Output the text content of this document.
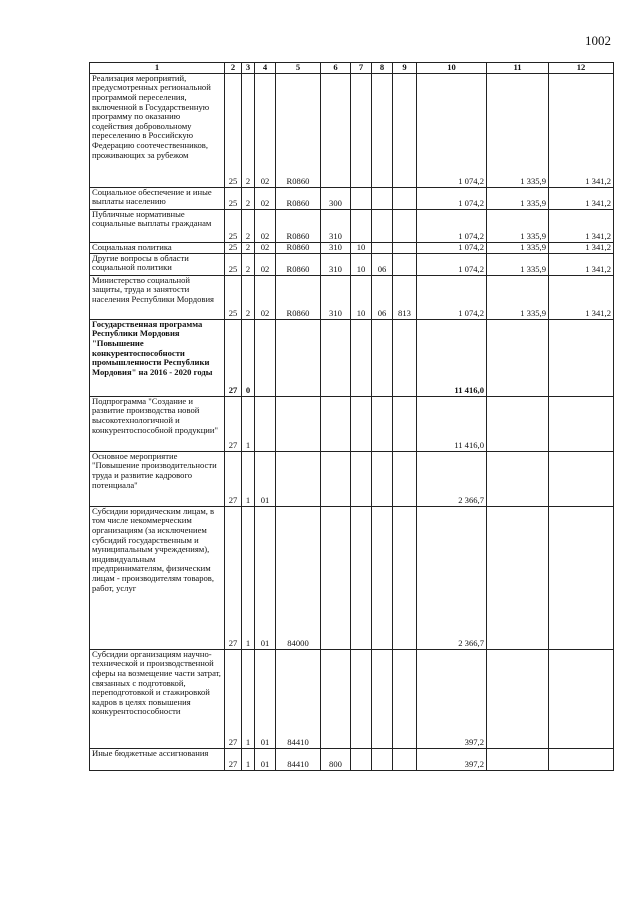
1002
1	2	3	4	5	6	7	8	9	10	11	12
Реализация мероприятий, предусмотренных региональной программой переселения, включенной в Государственную программу по оказанию содействия добровольному переселению в Российскую Федерацию соотечественников, проживающих за рубежом	25	2	02	R0860					1 074,2	1 335,9	1 341,2
Социальное обеспечение и иные выплаты населению	25	2	02	R0860	300				1 074,2	1 335,9	1 341,2
Публичные нормативные социальные выплаты гражданам	25	2	02	R0860	310				1 074,2	1 335,9	1 341,2
Социальная политика	25	2	02	R0860	310	10			1 074,2	1 335,9	1 341,2
Другие вопросы в области социальной политики	25	2	02	R0860	310	10	06		1 074,2	1 335,9	1 341,2
Министерство социальной защиты, труда и занятости населения Республики Мордовия	25	2	02	R0860	310	10	06	813	1 074,2	1 335,9	1 341,2
Государственная программа Республики Мордовия "Повышение конкурентоспособности промышленности Республики Мордовия" на 2016 - 2020 годы	27	0							11 416,0		
Подпрограмма "Создание и развитие производства новой высокотехнологичной и конкурентоспособной продукции"	27	1							11 416,0		
Основное мероприятие "Повышение производительности труда и развитие кадрового потенциала"	27	1	01						2 366,7		
Субсидии юридическим лицам, в том числе некоммерческим организациям (за исключением субсидий государственным и муниципальным учреждениям), индивидуальным предпринимателям, физическим лицам - производителям товаров, работ, услуг	27	1	01	84000					2 366,7		
Субсидии организациям научно-технической и производственной сферы на возмещение части затрат, связанных с подготовкой, переподготовкой и стажировкой кадров в целях повышения конкурентоспособности	27	1	01	84410					397,2		
Иные бюджетные ассигнования	27	1	01	84410	800				397,2		
